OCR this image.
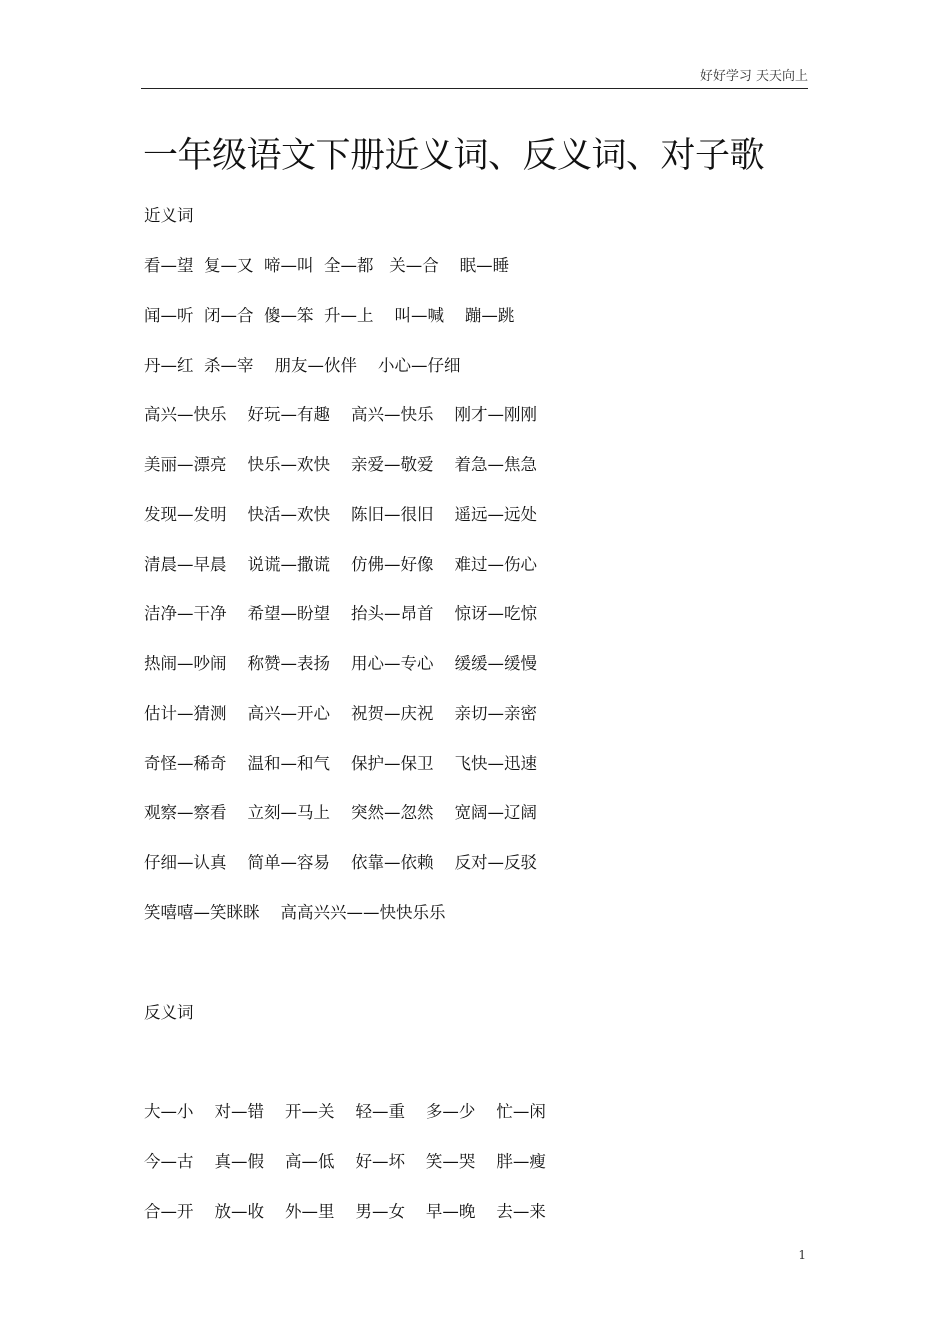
好好学习 天天向上
一年级语文下册近义词、反义词、对子歌
近义词
看—望  复—又  啼—叫  全—都   关—合    眠—睡
闻—听  闭—合  傻—笨  升—上    叫—喊    蹦—跳
丹—红  杀—宰    朋友—伙伴    小心—仔细
高兴—快乐    好玩—有趣    高兴—快乐    刚才—刚刚
美丽—漂亮    快乐—欢快    亲爱—敬爱    着急—焦急
发现—发明    快活—欢快    陈旧—很旧    遥远—远处
清晨—早晨    说谎—撒谎    仿佛—好像    难过—伤心
洁净—干净    希望—盼望    抬头—昂首    惊讶—吃惊
热闹—吵闹    称赞—表扬    用心—专心    缓缓—缓慢
估计—猜测    高兴—开心    祝贺—庆祝    亲切—亲密
奇怪—稀奇    温和—和气    保护—保卫    飞快—迅速
观察—察看    立刻—马上    突然—忽然    宽阔—辽阔
仔细—认真    简单—容易    依靠—依赖    反对—反驳
笑嘻嘻—笑眯眯    高高兴兴——快快乐乐
反义词
大—小    对—错    开—关    轻—重    多—少    忙—闲
今—古    真—假    高—低    好—坏    笑—哭    胖—瘦
合—开    放—收    外—里    男—女    早—晚    去—来
1
